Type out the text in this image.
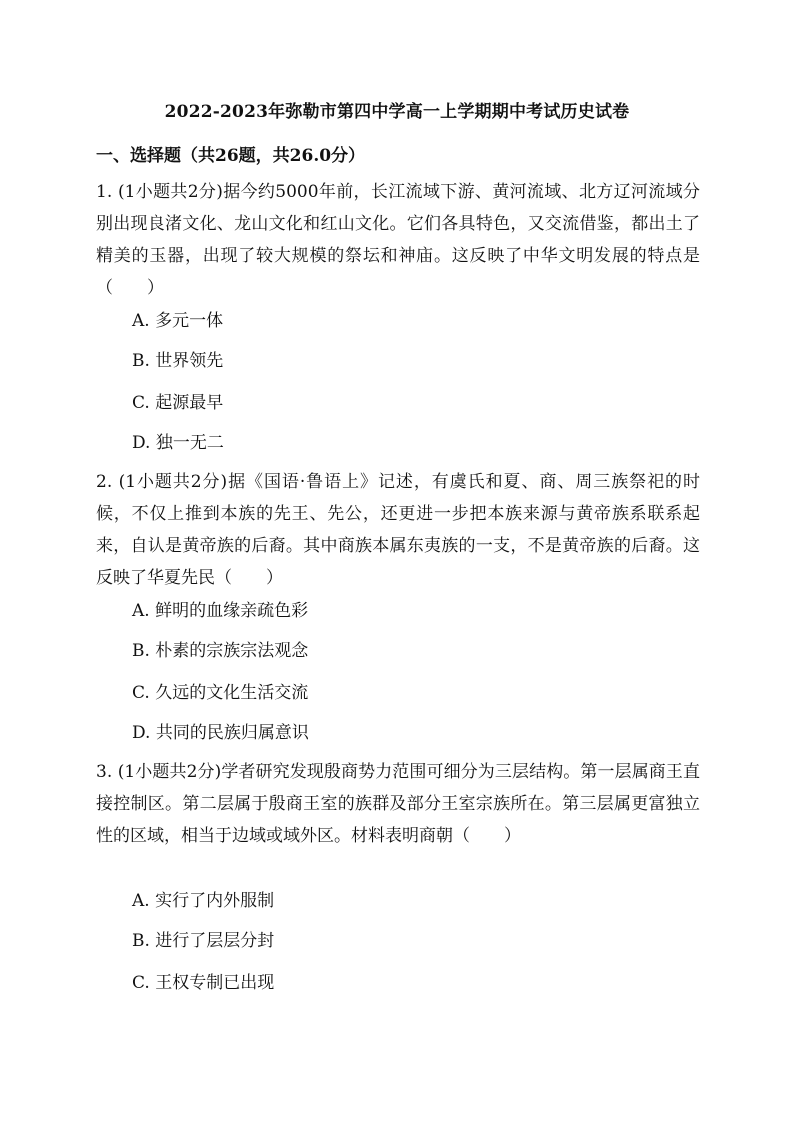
2022-2023年弥勒市第四中学高一上学期期中考试历史试卷
一、选择题（共26题，共26.0分）
1. (1小题共2分)据今约5000年前，长江流域下游、黄河流域、北方辽河流域分别出现良渚文化、龙山文化和红山文化。它们各具特色，又交流借鉴，都出土了精美的玉器，出现了较大规模的祭坛和神庙。这反映了中华文明发展的特点是（　　）
A. 多元一体
B. 世界领先
C. 起源最早
D. 独一无二
2. (1小题共2分)据《国语·鲁语上》记述，有虞氏和夏、商、周三族祭祀的时候，不仅上推到本族的先王、先公，还更进一步把本族来源与黄帝族系联系起来，自认是黄帝族的后裔。其中商族本属东夷族的一支，不是黄帝族的后裔。这反映了华夏先民（　　）
A. 鲜明的血缘亲疏色彩
B. 朴素的宗族宗法观念
C. 久远的文化生活交流
D. 共同的民族归属意识
3. (1小题共2分)学者研究发现殷商势力范围可细分为三层结构。第一层属商王直接控制区。第二层属于殷商王室的族群及部分王室宗族所在。第三层属更富独立性的区域，相当于边域或域外区。材料表明商朝（　　）
A. 实行了内外服制
B. 进行了层层分封
C. 王权专制已出现
